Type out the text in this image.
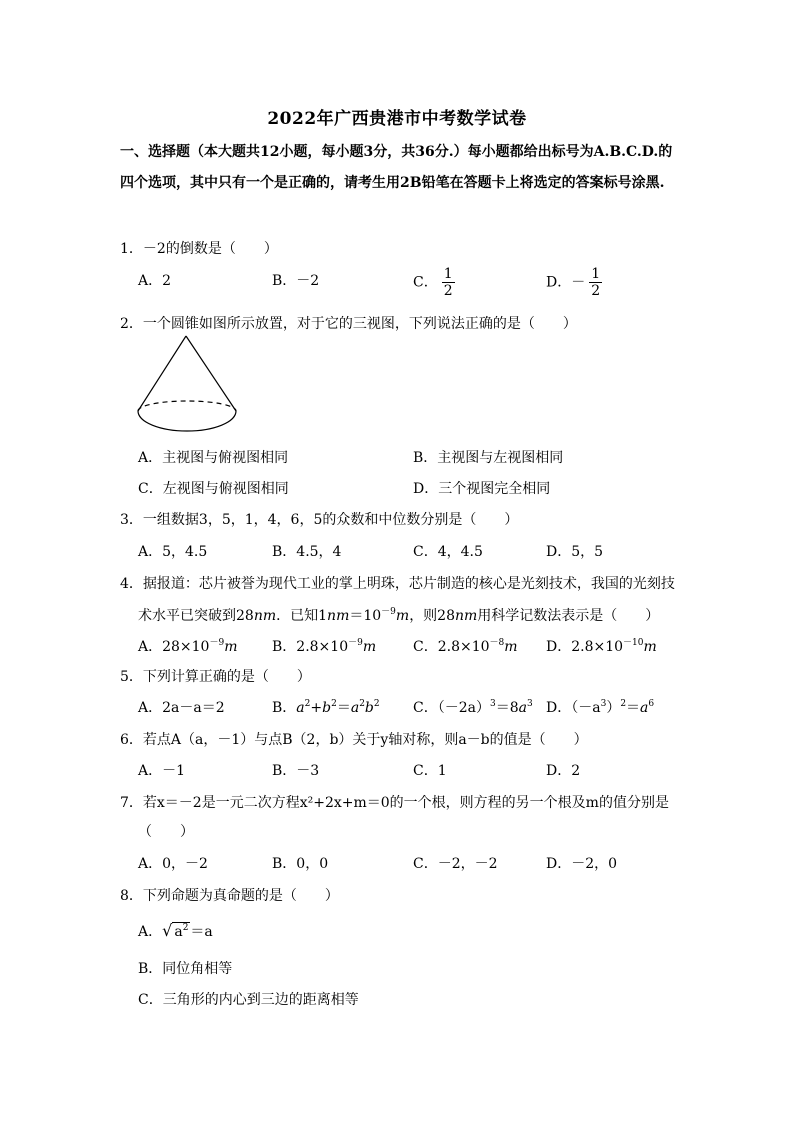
2022年广西贵港市中考数学试卷
一、选择题（本大题共12小题，每小题3分，共36分.）每小题都给出标号为A.B.C.D.的四个选项，其中只有一个是正确的，请考生用2B铅笔在答题卡上将选定的答案标号涂黑.
1．－2的倒数是（　　）
A．2	B．－2	C． $\frac{1}{2}$	D．－ $\frac{1}{2}$
2．一个圆锥如图所示放置，对于它的三视图，下列说法正确的是（　　）
A．主视图与俯视图相同	B．主视图与左视图相同
C．左视图与俯视图相同	D．三个视图完全相同
3．一组数据3，5，1，4，6，5的众数和中位数分别是（　　）
A．5，4.5	B．4.5，4	C．4，4.5	D．5，5
4．据报道：芯片被誉为现代工业的掌上明珠，芯片制造的核心是光刻技术，我国的光刻技
术水平已突破到28nm．已知$1nm=10^{-9}m$，则28nm用科学记数法表示是（　　）
A．$28\times 10^{-9}m$ B．$2.8\times 10^{-9}m$	C．$2.8\times 10^{-8}m$ D．$2.8\times 10^{-10}m$
5．下列计算正确的是（　　）
A．2a－a＝2	B．$a^2+b^2=a^2b^2$ C．$(-2a)^3=8a^3$ D．$(-a^3)^2=a^6$
6．若点A（a，－1）与点B（2，b）关于y轴对称，则a－b的值是（　　）
A．－1	B．－3	C．1	D．2
7．若x＝－2是一元二次方程x²+2x+m＝0的一个根，则方程的另一个根及m的值分别是
（　　）
A．0，－2	B．0，0	C．－2，－2	D．－2，0
8．下列命题为真命题的是（　　）
A．√ $a^2 =a$
B．同位角相等
C．三角形的内心到三边的距离相等
